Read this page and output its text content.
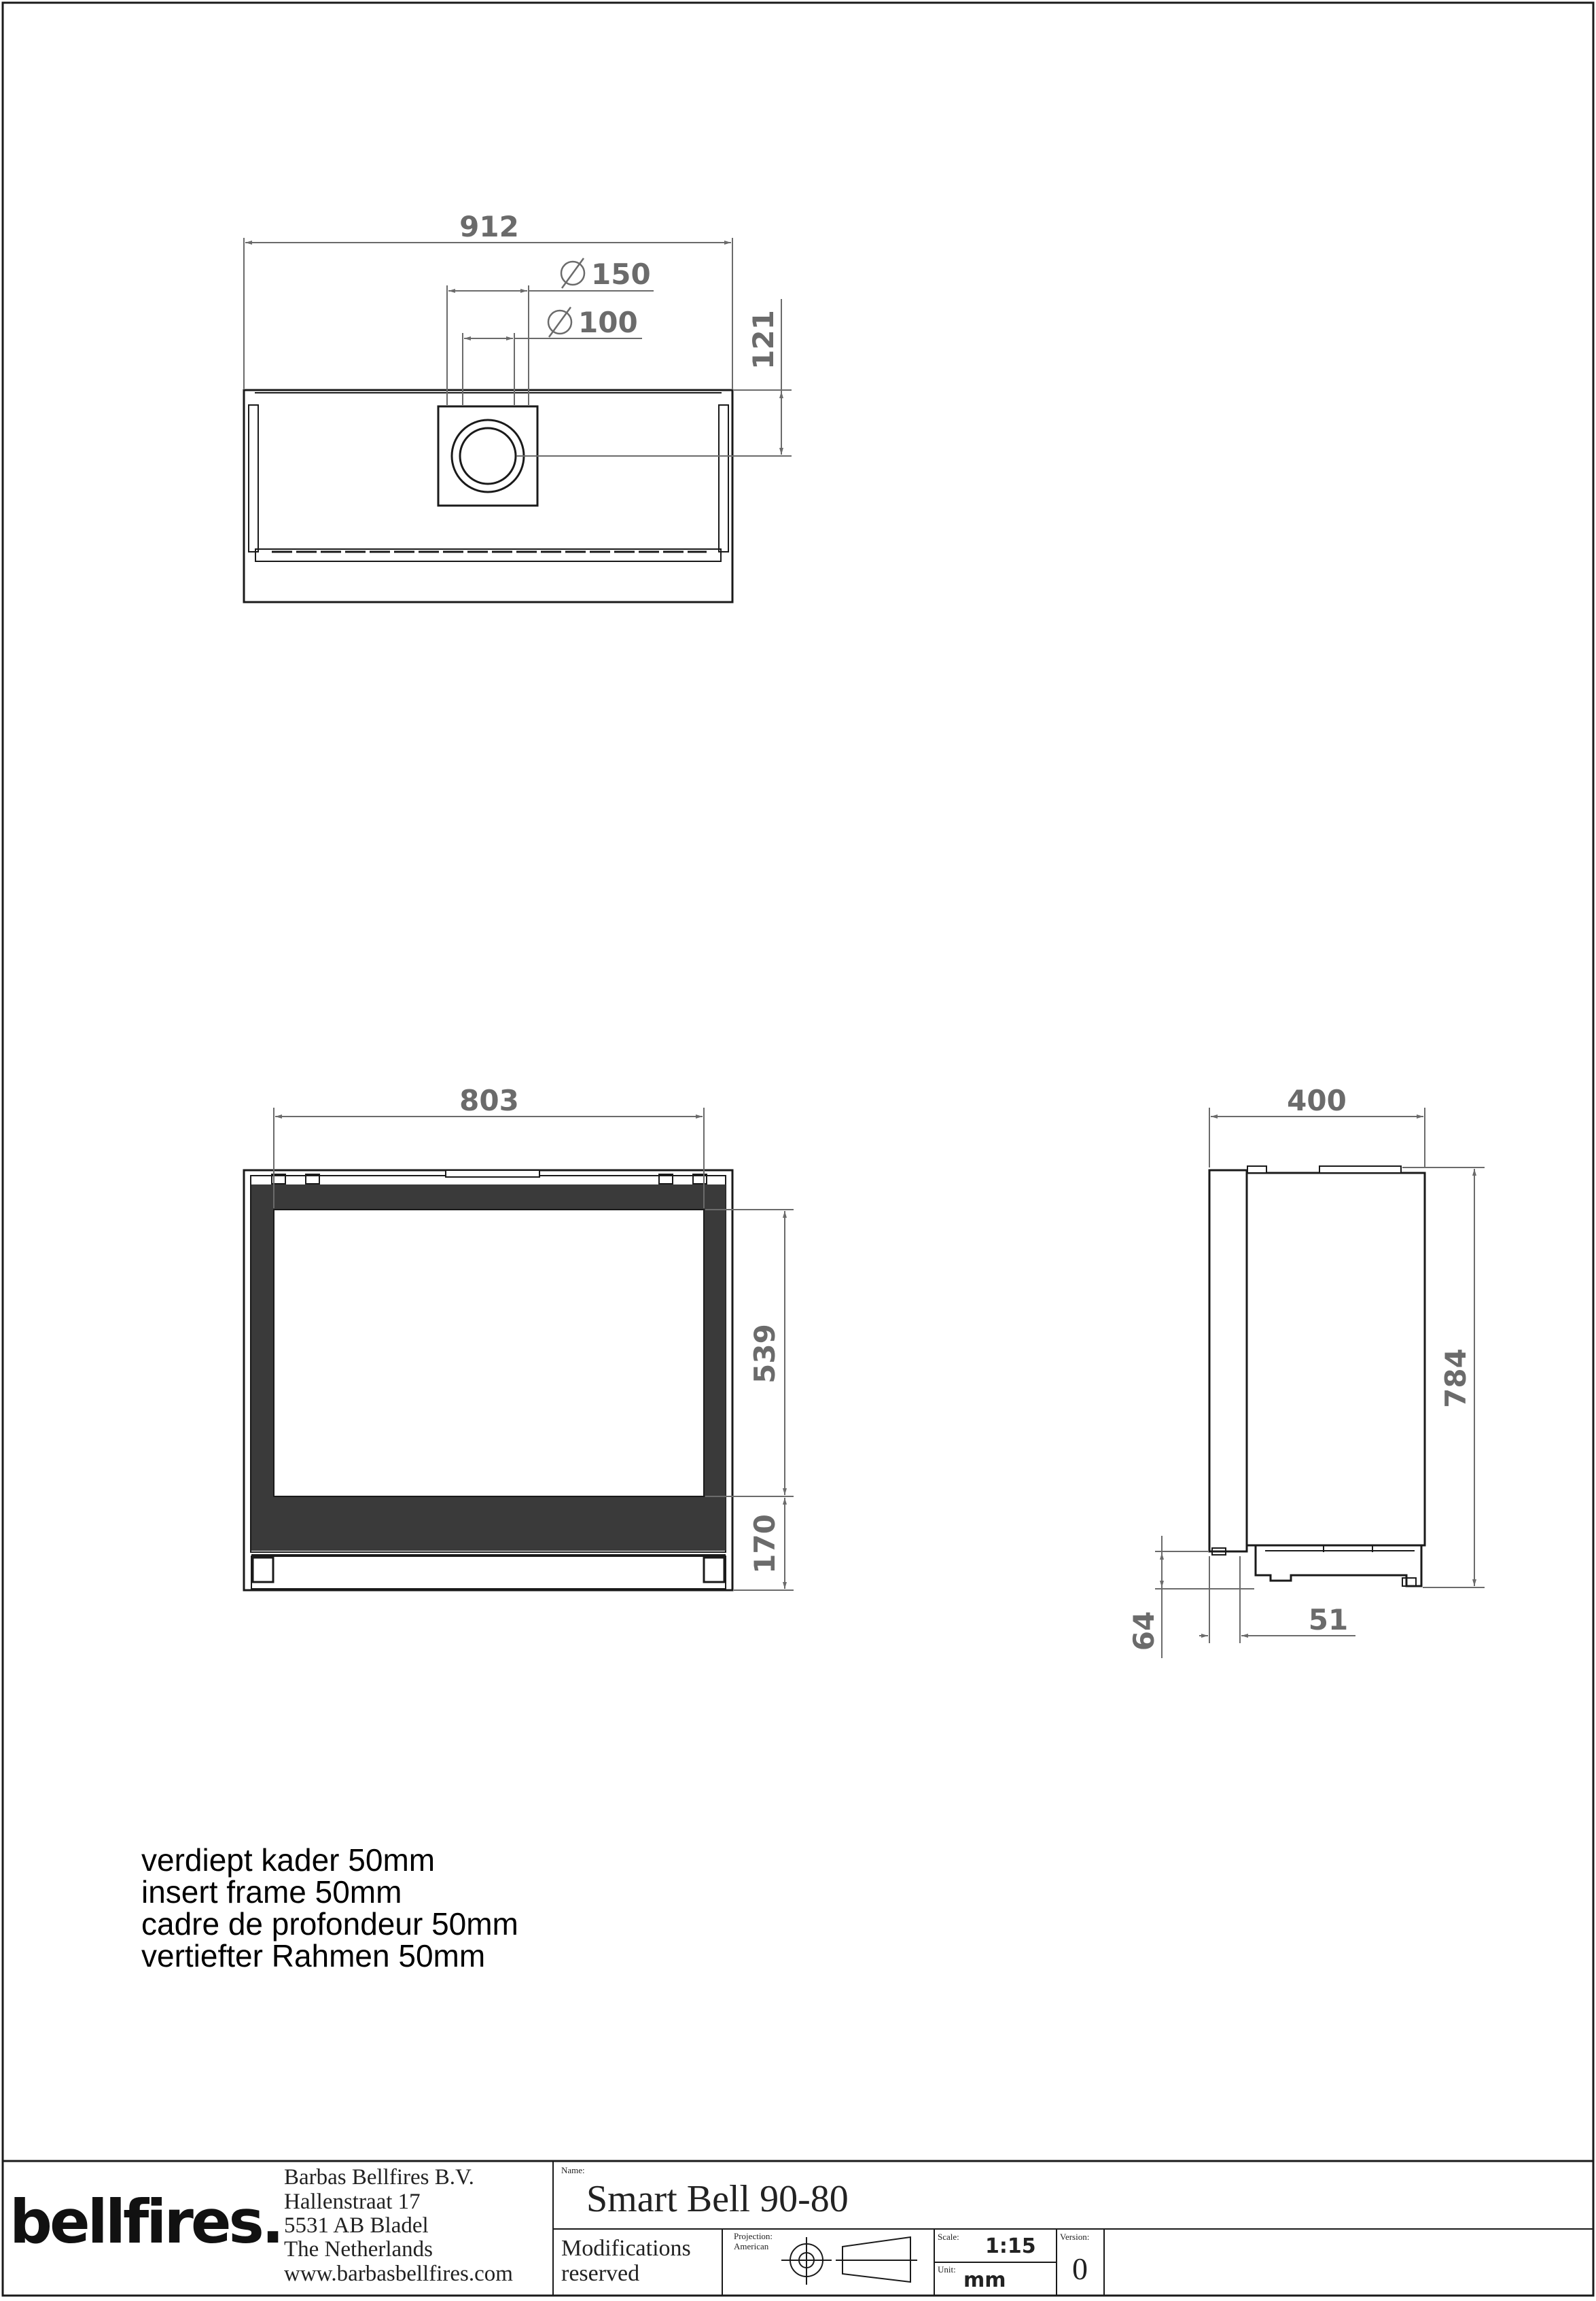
912
150
100	121
803
539
170
400
784
64	51
verdiept kader 50mm
insert frame 50mm
cadre de profondeur 50mm
vertiefter Rahmen 50mm
bellfires.
Barbas Bellfires B.V.
Hallenstraat 17
5531 AB Bladel
The Netherlands
www.barbasbellfires.com
Name:
Smart Bell 90-80
Modifications
reserved
Projection:
American
Scale: 1:15
Unit: mm
Version:
0
